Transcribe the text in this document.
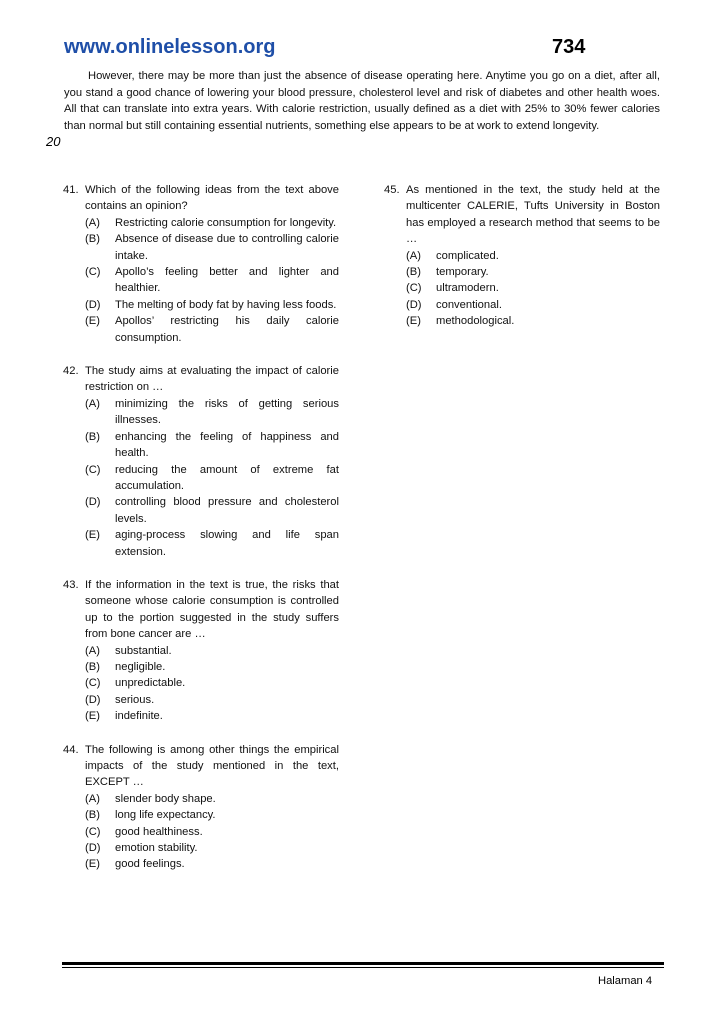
www.onlinelesson.org	734

However, there may be more than just the absence of disease operating here. Anytime you go on a diet, after all, you stand a good chance of lowering your blood pressure, cholesterol level and risk of diabetes and other health woes. All that can translate into extra years. With calorie restriction, usually defined as a diet with 25% to 30% fewer calories than normal but still containing essential nutrients, something else appears to be at work to extend longevity.

20
41. Which of the following ideas from the text above contains an opinion?
(A)	Restricting calorie consumption for longevity.
(B)	Absence of disease due to controlling calorie intake.
(C)	Apollo’s feeling better and lighter and healthier.
(D)	The melting of body fat by having less foods.
(E)	Apollos’ restricting his daily calorie consumption.
42. The study aims at evaluating the impact of calorie restriction on …
(A)	minimizing the risks of getting serious illnesses.
(B)	enhancing the feeling of happiness and health.
(C)	reducing the amount of extreme fat accumulation.
(D)	controlling blood pressure and cholesterol levels.
(E)	aging-process slowing and life span extension.
43. If the information in the text is true, the risks that someone whose calorie consumption is controlled up to the portion suggested in the study suffers from bone cancer are …
(A)	substantial.
(B)	negligible.
(C)	unpredictable.
(D)	serious.
(E)	indefinite.
44. The following is among other things the empirical impacts of the study mentioned in the text, EXCEPT …
(A)	slender body shape.
(B)	long life expectancy.
(C)	good healthiness.
(D)	emotion stability.
(E)	good feelings.
45. As mentioned in the text, the study held at the multicenter CALERIE, Tufts University in Boston has employed a research method that seems to be …
(A)	complicated.
(B)	temporary.
(C)	ultramodern.
(D)	conventional.
(E)	methodological.
Halaman 4
